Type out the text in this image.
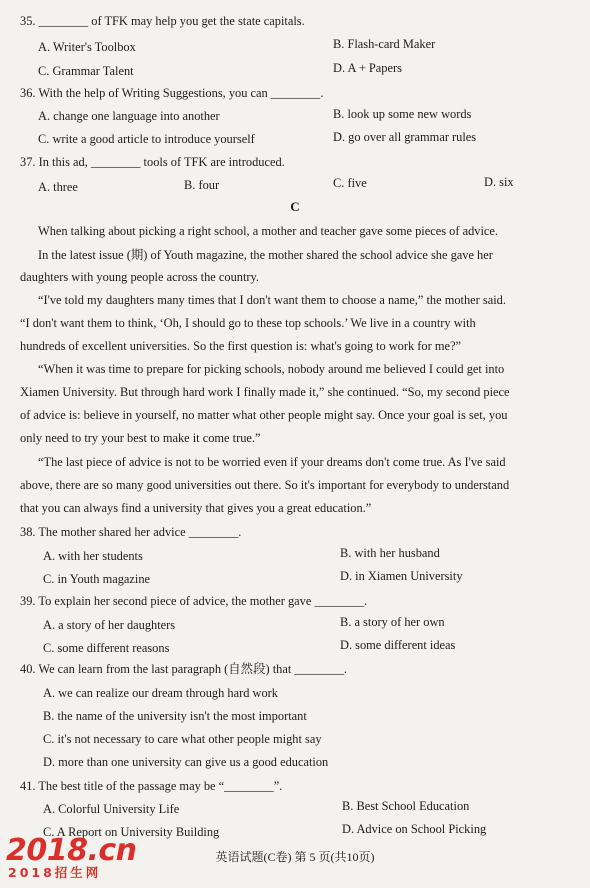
35. ________ of TFK may help you get the state capitals.
A. Writer's Toolbox	B. Flash-card Maker
C. Grammar Talent	D. A + Papers
36. With the help of Writing Suggestions, you can ________.
A. change one language into another	B. look up some new words
C. write a good article to introduce yourself	D. go over all grammar rules
37. In this ad, ________ tools of TFK are introduced.
A. three	B. four	C. five	D. six
C
When talking about picking a right school, a mother and teacher gave some pieces of advice.
In the latest issue (期) of Youth magazine, the mother shared the school advice she gave her
daughters with young people across the country.
“I've told my daughters many times that I don't want them to choose a name,” the mother said.
“I don't want them to think, ‘Oh, I should go to these top schools.’ We live in a country with
hundreds of excellent universities. So the first question is: what's going to work for me?”
“When it was time to prepare for picking schools, nobody around me believed I could get into
Xiamen University. But through hard work I finally made it,” she continued. “So, my second piece
of advice is: believe in yourself, no matter what other people might say. Once your goal is set, you
only need to try your best to make it come true.”
“The last piece of advice is not to be worried even if your dreams don't come true. As I've said
above, there are so many good universities out there. So it's important for everybody to understand
that you can always find a university that gives you a great education.”
38. The mother shared her advice ________.
A. with her students	B. with her husband
C. in Youth magazine	D. in Xiamen University
39. To explain her second piece of advice, the mother gave ________.
A. a story of her daughters	B. a story of her own
C. some different reasons	D. some different ideas
40. We can learn from the last paragraph (自然段) that ________.
A. we can realize our dream through hard work
B. the name of the university isn't the most important
C. it's not necessary to care what other people might say
D. more than one university can give us a good education
41. The best title of the passage may be “________”.
A. Colorful University Life	B. Best School Education
C. A Report on University Building	D. Advice on School Picking
英语试题(C卷) 第 5 页(共10页)
2018.cn
2018招生网
